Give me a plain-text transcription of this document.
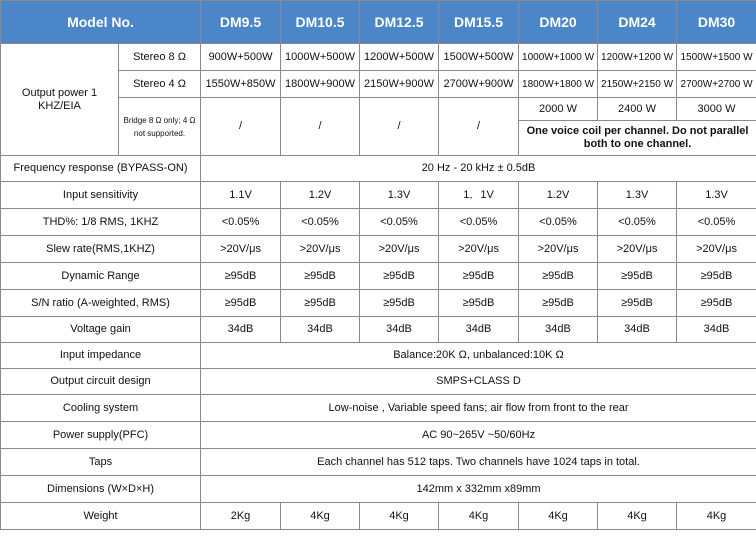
Model No.		DM9.5	DM10.5	DM12.5	DM15.5	DM20	DM24	DM30
Output power 1 KHZ/EIA	Stereo 8 Ω	900W+500W	1000W+500W	1200W+500W	1500W+500W	1000W+1000 W	1200W+1200 W	1500W+1500 W
	Stereo 4 Ω	1550W+850W	1800W+900W	2150W+900W	2700W+900W	1800W+1800 W	2150W+2150 W	2700W+2700 W
	Bridge 8 Ω only; 4 Ω not supported.	/	/	/	/	2000 W	2400 W	3000 W
						One voice coil per channel. Do not parallel both to one channel.		
Frequency response (BYPASS-ON)		20 Hz - 20 kHz ± 0.5dB						
Input sensitivity		1.1V	1.2V	1.3V	1．1V	1.2V	1.3V	1.3V
THD%: 1/8 RMS, 1KHZ		<0.05%	<0.05%	<0.05%	<0.05%	<0.05%	<0.05%	<0.05%
Slew rate(RMS,1KHZ)		>20V/μs	>20V/μs	>20V/μs	>20V/μs	>20V/μs	>20V/μs	>20V/μs
Dynamic Range		≥95dB	≥95dB	≥95dB	≥95dB	≥95dB	≥95dB	≥95dB
S/N ratio (A-weighted, RMS)		≥95dB	≥95dB	≥95dB	≥95dB	≥95dB	≥95dB	≥95dB
Voltage gain		34dB	34dB	34dB	34dB	34dB	34dB	34dB
Input impedance		Balance:20K Ω, unbalanced:10K Ω						
Output circuit design		SMPS+CLASS D						
Cooling system		Low-noise , Variable speed fans; air flow from front to the rear						
Power supply(PFC)		AC 90~265V ~50/60Hz						
Taps		Each channel has 512 taps. Two channels have 1024 taps in total.						
Dimensions (W×D×H)		142mm x 332mm x89mm						
Weight		2Kg	4Kg	4Kg	4Kg	4Kg	4Kg	4Kg
